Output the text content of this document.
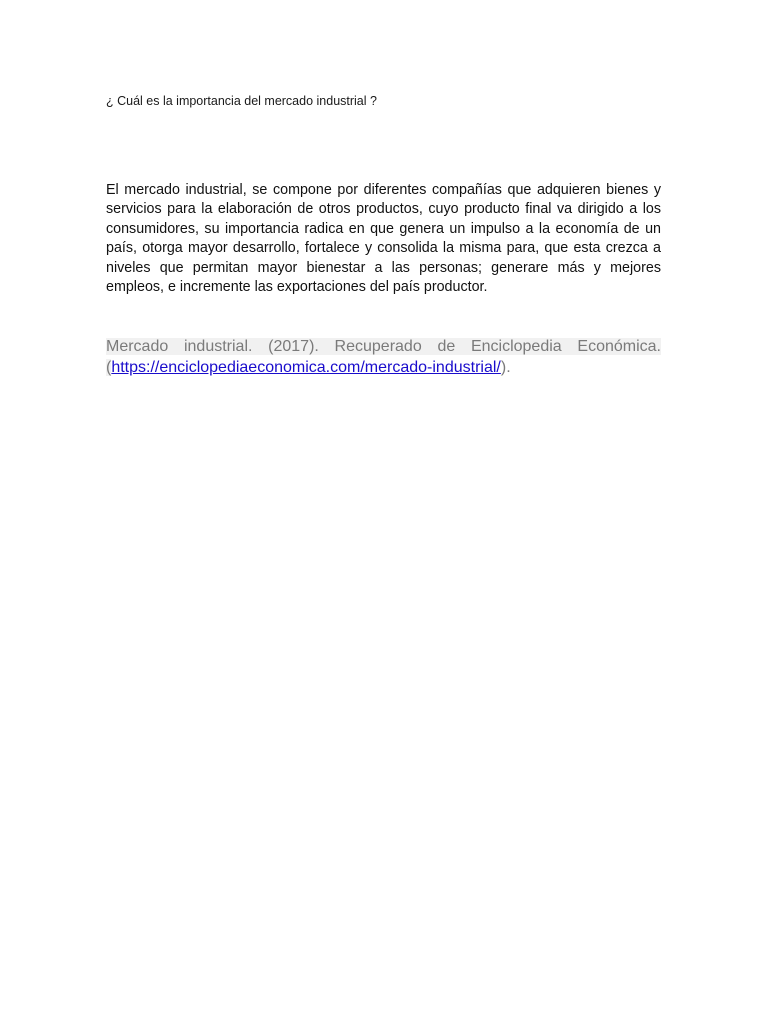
¿ Cuál es la importancia del mercado industrial ?

El mercado industrial, se compone por diferentes compañías que adquieren bienes y servicios para la elaboración de otros productos, cuyo producto final va dirigido a los consumidores, su importancia radica en que genera un impulso a la economía de un país, otorga mayor desarrollo, fortalece y consolida la misma para, que esta crezca a niveles que permitan mayor bienestar a las personas; generare más y mejores empleos, e incremente las exportaciones del país productor.

Mercado industrial. (2017). Recuperado de Enciclopedia Económica. (https://enciclopediaeconomica.com/mercado-industrial/).
